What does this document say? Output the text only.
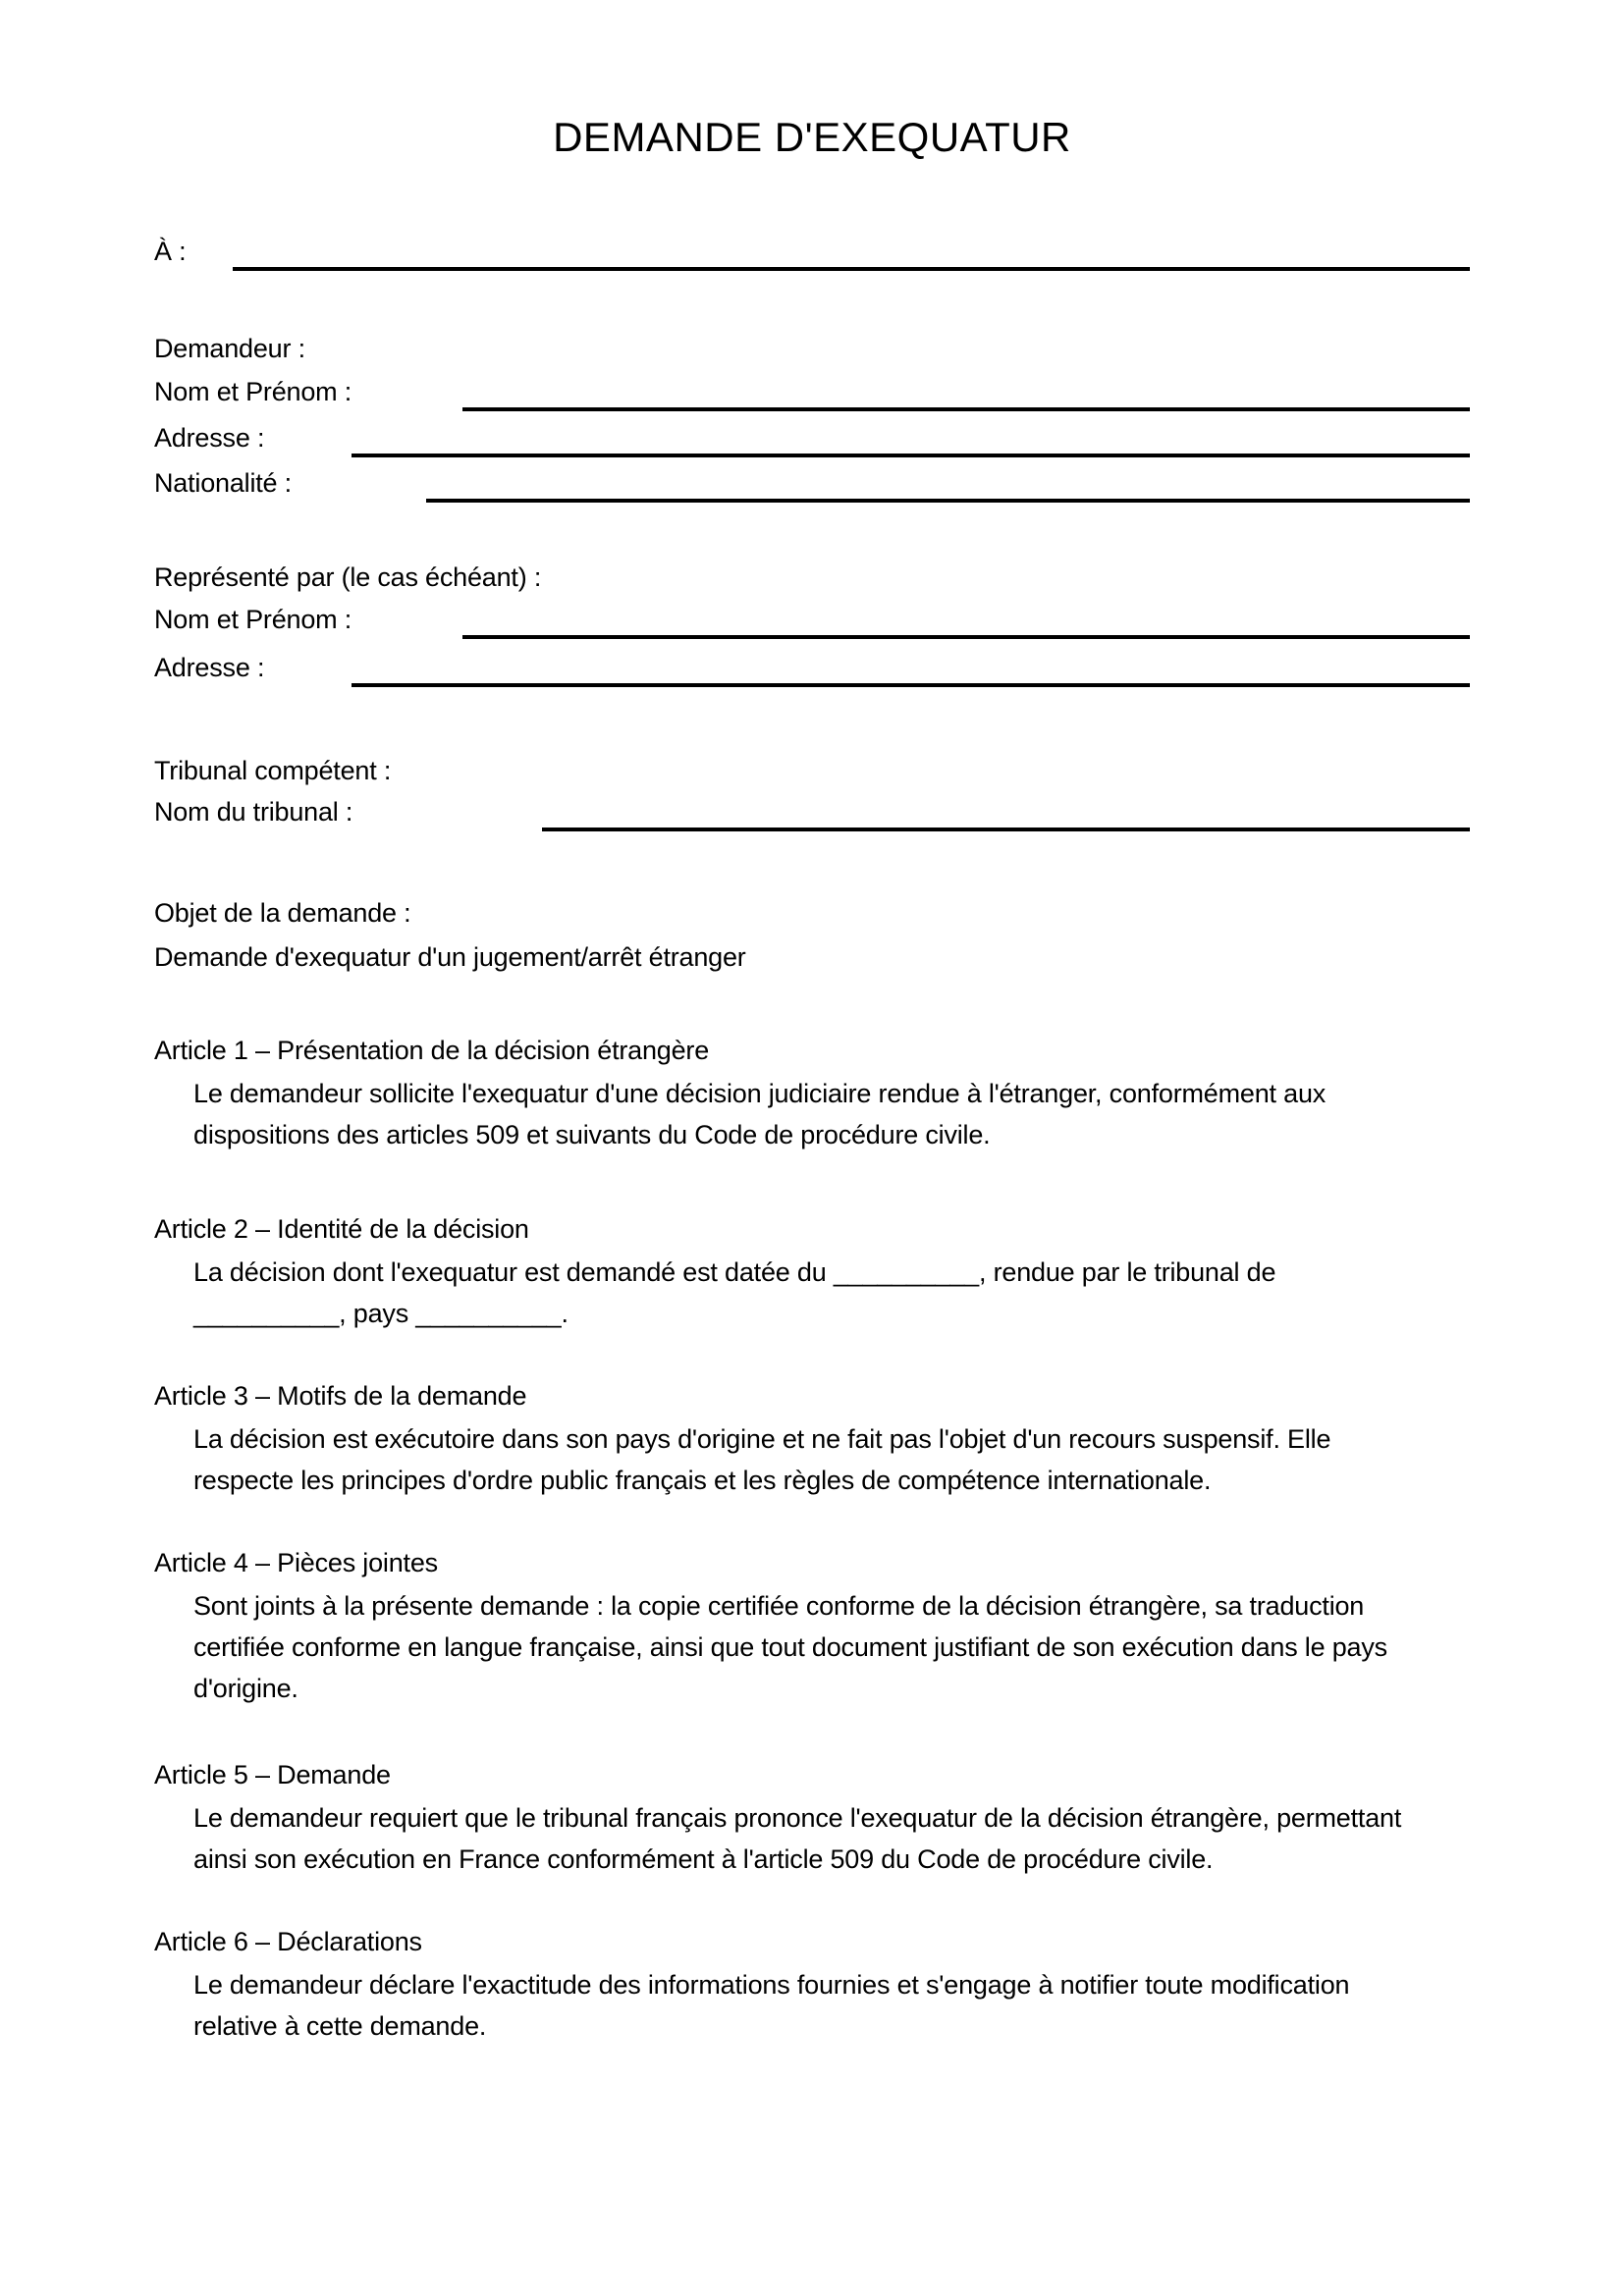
DEMANDE D'EXEQUATUR
À :
Demandeur :
Nom et Prénom :
Adresse :
Nationalité :
Représenté par (le cas échéant) :
Nom et Prénom :
Adresse :
Tribunal compétent :
Nom du tribunal :
Objet de la demande :
Demande d'exequatur d'un jugement/arrêt étranger
Article 1 – Présentation de la décision étrangère
Le demandeur sollicite l'exequatur d'une décision judiciaire rendue à l'étranger, conformément aux
dispositions des articles 509 et suivants du Code de procédure civile.
Article 2 – Identité de la décision
La décision dont l'exequatur est demandé est datée du __________, rendue par le tribunal de
__________, pays __________.
Article 3 – Motifs de la demande
La décision est exécutoire dans son pays d'origine et ne fait pas l'objet d'un recours suspensif. Elle
respecte les principes d'ordre public français et les règles de compétence internationale.
Article 4 – Pièces jointes
Sont joints à la présente demande : la copie certifiée conforme de la décision étrangère, sa traduction
certifiée conforme en langue française, ainsi que tout document justifiant de son exécution dans le pays
d'origine.
Article 5 – Demande
Le demandeur requiert que le tribunal français prononce l'exequatur de la décision étrangère, permettant
ainsi son exécution en France conformément à l'article 509 du Code de procédure civile.
Article 6 – Déclarations
Le demandeur déclare l'exactitude des informations fournies et s'engage à notifier toute modification
relative à cette demande.
